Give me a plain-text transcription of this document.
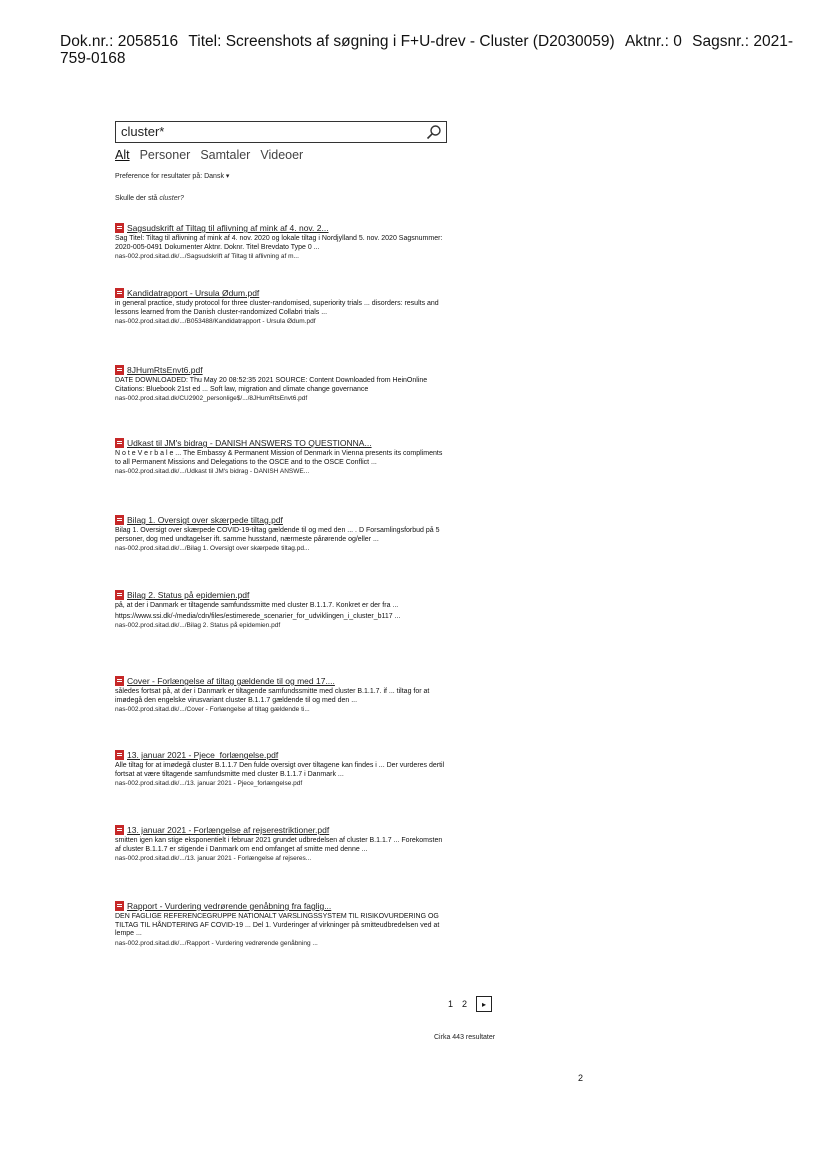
Dok.nr.: 2058516 Titel: Screenshots af søgning i F+U-drev - Cluster (D2030059) Aktnr.: 0 Sagsnr.: 2021-759-0168
cluster*
Alt Personer Samtaler Videoer
Preference for resultater på: Dansk ▾
Skulle der stå cluster?
Sagsudskrift af Tiltag til aflivning af mink af 4. nov. 2...
Sag Titel: Tiltag til aflivning af mink af 4. nov. 2020 og lokale tiltag i Nordjylland 5. nov. 2020 Sagsnummer: 2020-005-0491 Dokumenter Aktnr. Doknr. Titel Brevdato Type 0 ...
nas-002.prod.sitad.dk/.../Sagsudskrift af Tiltag til aflivning af m...
Kandidatrapport - Ursula Ødum.pdf
in general practice, study protocol for three cluster-randomised, superiority trials ... disorders: results and lessons learned from the Danish cluster-randomized Collabri trials ...
nas-002.prod.sitad.dk/.../B053488/Kandidatrapport - Ursula Ødum.pdf
8JHumRtsEnvt6.pdf
DATE DOWNLOADED: Thu May 20 08:52:35 2021 SOURCE: Content Downloaded from HeinOnline Citations: Bluebook 21st ed ... Soft law, migration and climate change governance
nas-002.prod.sitad.dk/CU2902_personlige$/.../8JHumRtsEnvt6.pdf
Udkast til JM's bidrag - DANISH ANSWERS TO QUESTIONNA...
N o t e V e r b a l e ... The Embassy & Permanent Mission of Denmark in Vienna presents its compliments to all Permanent Missions and Delegations to the OSCE and to the OSCE Conflict ...
nas-002.prod.sitad.dk/.../Udkast til JM's bidrag - DANISH ANSWE...
Bilag 1. Oversigt over skærpede tiltag.pdf
Bilag 1. Oversigt over skærpede COVID-19-tiltag gældende til og med den ... . D Forsamlingsforbud på 5 personer, dog med undtagelser ift. samme husstand, nærmeste pårørende og/eller ...
nas-002.prod.sitad.dk/.../Bilag 1. Oversigt over skærpede tiltag.pd...
Bilag 2. Status på epidemien.pdf
på, at der i Danmark er tiltagende samfundssmitte med cluster B.1.1.7. Konkret er der fra ...
https://www.ssi.dk/-/media/cdn/files/estimerede_scenarier_for_udviklingen_i_cluster_b117 ...
nas-002.prod.sitad.dk/.../Bilag 2. Status på epidemien.pdf
Cover - Forlængelse af tiltag gældende til og med 17....
således fortsat på, at der i Danmark er tiltagende samfundssmitte med cluster B.1.1.7. if ... tiltag for at imødegå den engelske virusvariant cluster B.1.1.7 gældende til og med den ...
nas-002.prod.sitad.dk/.../Cover - Forlængelse af tiltag gældende ti...
13. januar 2021 - Pjece_forlængelse.pdf
Alle tiltag for at imødegå cluster B.1.1.7 Den fulde oversigt over tiltagene kan findes i ... Der vurderes dertil fortsat at være tiltagende samfundsmitte med cluster B.1.1.7 i Danmark ...
nas-002.prod.sitad.dk/.../13. januar 2021 - Pjece_forlængelse.pdf
13. januar 2021 - Forlængelse af rejserestriktioner.pdf
smitten igen kan stige eksponentielt i februar 2021 grundet udbredelsen af cluster B.1.1.7 ... Forekomsten af cluster B.1.1.7 er stigende i Danmark om end omfanget af smitte med denne ...
nas-002.prod.sitad.dk/.../13. januar 2021 - Forlængelse af rejseres...
Rapport - Vurdering vedrørende genåbning fra faglig...
DEN FAGLIGE REFERENCEGRUPPE NATIONALT VARSLINGSSYSTEM TIL RISIKOVURDERING OG TILTAG TIL HÅNDTERING AF COVID-19 ... Del 1. Vurderinger af virkninger på smitteudbredelsen ved at lempe ...
nas-002.prod.sitad.dk/.../Rapport - Vurdering vedrørende genåbning ...
1 2	▸
Cirka 443 resultater
2
